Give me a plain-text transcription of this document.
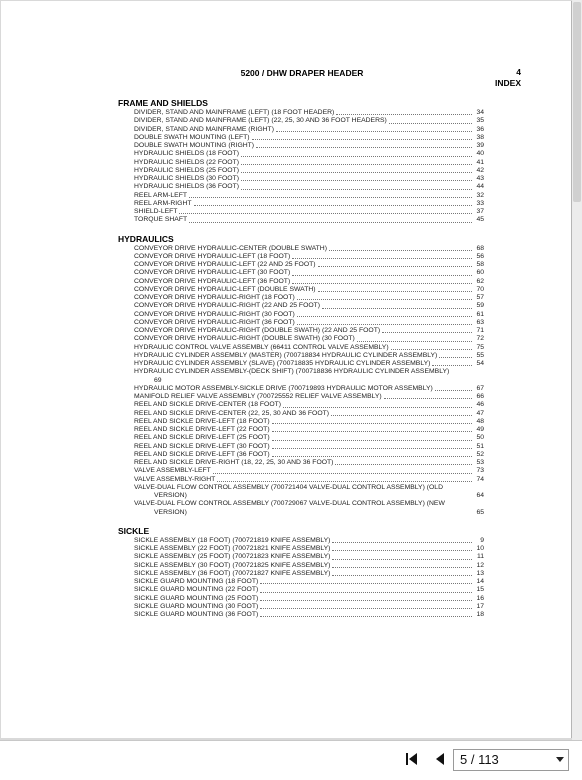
5200 / DHW DRAPER HEADER	4
INDEX
FRAME AND SHIELDS
DIVIDER, STAND AND MAINFRAME (LEFT) (18 FOOT HEADER)	34
DIVIDER, STAND AND MAINFRAME (LEFT) (22, 25, 30 AND 36 FOOT HEADERS)	35
DIVIDER, STAND AND MAINFRAME (RIGHT)	36
DOUBLE SWATH MOUNTING (LEFT)	38
DOUBLE SWATH MOUNTING (RIGHT)	39
HYDRAULIC SHIELDS (18 FOOT)	40
HYDRAULIC SHIELDS (22 FOOT)	41
HYDRAULIC SHIELDS (25 FOOT)	42
HYDRAULIC SHIELDS (30 FOOT)	43
HYDRAULIC SHIELDS (36 FOOT)	44
REEL ARM-LEFT	32
REEL ARM-RIGHT	33
SHIELD-LEFT	37
TORQUE SHAFT	45
HYDRAULICS
CONVEYOR DRIVE HYDRAULIC-CENTER (DOUBLE SWATH)	68
CONVEYOR DRIVE HYDRAULIC-LEFT (18 FOOT)	56
CONVEYOR DRIVE HYDRAULIC-LEFT (22 AND 25 FOOT)	58
CONVEYOR DRIVE HYDRAULIC-LEFT (30 FOOT)	60
CONVEYOR DRIVE HYDRAULIC-LEFT (36 FOOT)	62
CONVEYOR DRIVE HYDRAULIC-LEFT (DOUBLE SWATH)	70
CONVEYOR DRIVE HYDRAULIC-RIGHT (18 FOOT)	57
CONVEYOR DRIVE HYDRAULIC-RIGHT (22 AND 25 FOOT)	59
CONVEYOR DRIVE HYDRAULIC-RIGHT (30 FOOT)	61
CONVEYOR DRIVE HYDRAULIC-RIGHT (36 FOOT)	63
CONVEYOR DRIVE HYDRAULIC-RIGHT (DOUBLE SWATH) (22 AND 25 FOOT)	71
CONVEYOR DRIVE HYDRAULIC-RIGHT (DOUBLE SWATH) (30 FOOT)	72
HYDRAULIC CONTROL VALVE ASSEMBLY (66411 CONTROL VALVE ASSEMBLY)	75
HYDRAULIC CYLINDER ASSEMBLY (MASTER) (700718834 HYDRAULIC CYLINDER ASSEMBLY)	55
HYDRAULIC CYLINDER ASSEMBLY (SLAVE) (700718835 HYDRAULIC CYLINDER ASSEMBLY)	54
HYDRAULIC CYLINDER ASSEMBLY-(DECK SHIFT) (700718836 HYDRAULIC CYLINDER ASSEMBLY)
69
HYDRAULIC MOTOR ASSEMBLY-SICKLE DRIVE (700719893 HYDRAULIC MOTOR ASSEMBLY)	67
MANIFOLD RELIEF VALVE ASSEMBLY (700725552 RELIEF VALVE ASSEMBLY)	66
REEL AND SICKLE DRIVE-CENTER (18 FOOT)	46
REEL AND SICKLE DRIVE-CENTER (22, 25, 30 AND 36 FOOT)	47
REEL AND SICKLE DRIVE-LEFT (18 FOOT)	48
REEL AND SICKLE DRIVE-LEFT (22 FOOT)	49
REEL AND SICKLE DRIVE-LEFT (25 FOOT)	50
REEL AND SICKLE DRIVE-LEFT (30 FOOT)	51
REEL AND SICKLE DRIVE-LEFT (36 FOOT)	52
REEL AND SICKLE DRIVE-RIGHT (18, 22, 25, 30 AND 36 FOOT)	53
VALVE ASSEMBLY-LEFT	73
VALVE ASSEMBLY-RIGHT	74
VALVE-DUAL FLOW CONTROL ASSEMBLY (700721404 VALVE-DUAL CONTROL ASSEMBLY) (OLD
VERSION)	64
VALVE-DUAL FLOW CONTROL ASSEMBLY (700729067 VALVE-DUAL CONTROL ASSEMBLY) (NEW
VERSION)	65
SICKLE
SICKLE ASSEMBLY (18 FOOT) (700721819 KNIFE ASSEMBLY)	9
SICKLE ASSEMBLY (22 FOOT) (700721821 KNIFE ASSEMBLY)	10
SICKLE ASSEMBLY (25 FOOT) (700721823 KNIFE ASSEMBLY)	11
SICKLE ASSEMBLY (30 FOOT) (700721825 KNIFE ASSEMBLY)	12
SICKLE ASSEMBLY (36 FOOT) (700721827 KNIFE ASSEMBLY)	13
SICKLE GUARD MOUNTING (18 FOOT)	14
SICKLE GUARD MOUNTING (22 FOOT)	15
SICKLE GUARD MOUNTING (25 FOOT)	16
SICKLE GUARD MOUNTING (30 FOOT)	17
SICKLE GUARD MOUNTING (36 FOOT)	18
5 / 113
